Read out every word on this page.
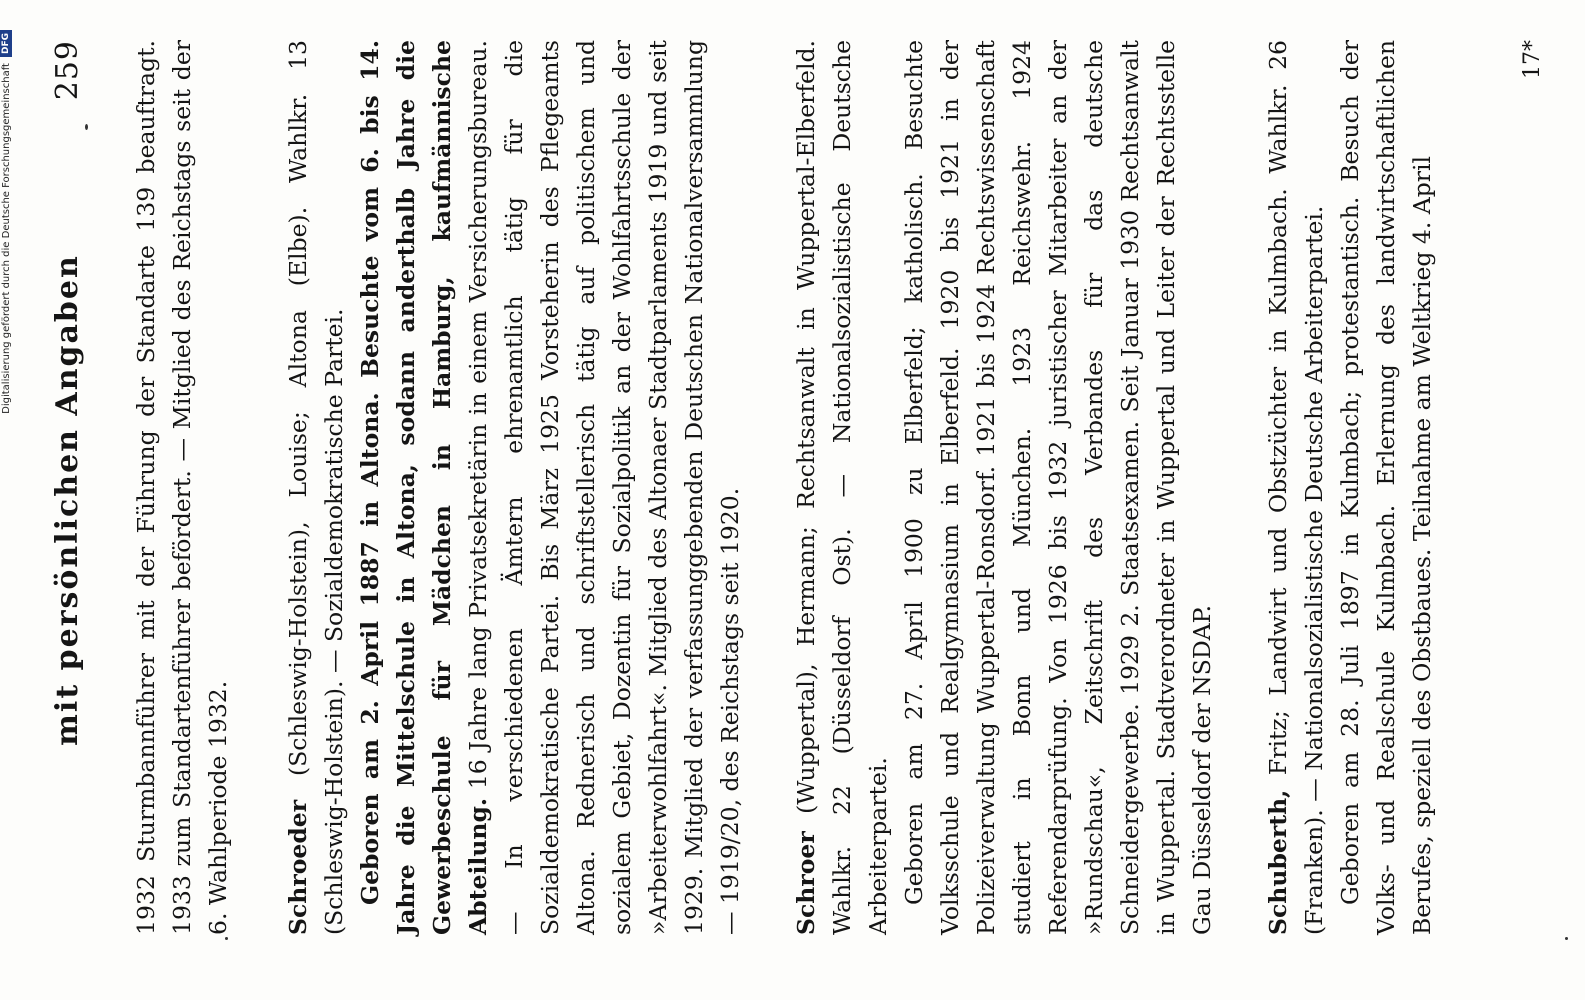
mit persönlichen Angaben
259 1932 Sturmbannführer mit der Führung der Standarte 139 beauftragt. 1933 zum Standartenführer befördert. — Mitglied des Reichstags seit der 6. Wahlperiode 1932. Schroeder (Schleswig-Holstein), Louise; Altona (Elbe). Wahlkr. 13 (Schleswig-Holstein). — Sozialdemokratische Partei. Geboren am 2. April 1887 in Altona. Besuchte vom 6. bis 14. Jahre die Mittelschule in Altona, sodann anderthalb Jahre die Gewerbeschule für Mädchen in Hamburg, kaufmännische Abteilung. 16 Jahre lang Privatsekretärin in einem Versicherungsbureau. — In verschiedenen Ämtern ehrenamtlich tätig für die Sozialdemokratische Partei. Bis März 1925 Vorsteherin des Pflegeamts Altona. Rednerisch und schriftstellerisch tätig auf politischem und sozialem Gebiet, Dozentin für Sozialpolitik an der Wohlfahrtsschule der »Arbeiterwohlfahrt«. Mitglied des Altonaer Stadtparlaments 1919 und seit 1929. Mitglied der verfassunggebenden Deutschen Nationalversammlung — 1919/20, des Reichstags seit 1920. Schroer (Wuppertal), Hermann; Rechtsanwalt in Wuppertal-Elberfeld. Wahlkr. 22 (Düsseldorf Ost). — Nationalsozialistische Deutsche Arbeiterpartei. Geboren am 27. April 1900 zu Elberfeld; katholisch. Besuchte Volksschule und Realgymnasium in Elberfeld. 1920 bis 1921 in der Polizeiverwaltung Wuppertal-Ronsdorf. 1921 bis 1924 Rechtswissenschaft studiert in Bonn und München. 1923 Reichswehr. 1924 Referendarprüfung. Von 1926 bis 1932 juristischer Mitarbeiter an der »Rundschau«, Zeitschrift des Verbandes für das deutsche Schneidergewerbe. 1929 2. Staatsexamen. Seit Januar 1930 Rechtsanwalt in Wuppertal. Stadtverordneter in Wuppertal und Leiter der Rechtsstelle Gau Düsseldorf der NSDAP. Schuberth, Fritz; Landwirt und Obstzüchter in Kulmbach. Wahlkr. 26 (Franken). — Nationalsozialistische Deutsche Arbeiterpartei. Geboren am 28. Juli 1897 in Kulmbach; protestantisch. Besuch der Volks- und Realschule Kulmbach. Erlernung des landwirtschaftlichen Berufes, speziell des Obstbaues. Teilnahme am Weltkrieg 4. April

17*
Digitalisierung gefördert durch die Deutsche ForschungsgemeinschaftDFG
